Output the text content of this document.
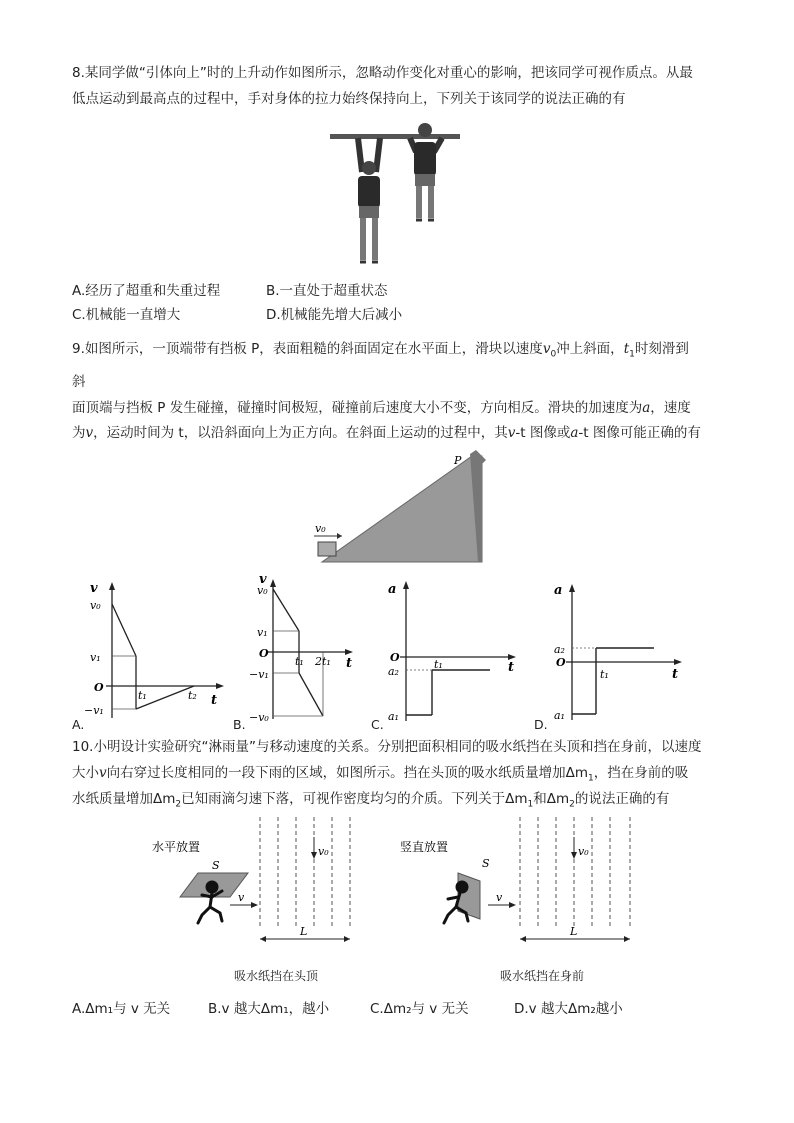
8.某同学做“引体向上”时的上升动作如图所示，忽略动作变化对重心的影响，把该同学可视作质点。从最
低点运动到最高点的过程中，手对身体的拉力始终保持向上，下列关于该同学的说法正确的有
A.经历了超重和失重过程	B.一直处于超重状态
C.机械能一直增大	D.机械能先增大后减小
9.如图所示，一顶端带有挡板 P，表面粗糙的斜面固定在水平面上，滑块以速度$v_0$冲上斜面，$t_1$时刻滑到
斜
面顶端与挡板 P 发生碰撞，碰撞时间极短，碰撞前后速度大小不变，方向相反。滑块的加速度为a，速度
为v，运动时间为 t，以沿斜面向上为正方向。在斜面上运动的过程中，其v-t 图像或a-t 图像可能正确的有
v₀
P
v
t
v₀
v₁
O
−v₁
t₁	t₂
v
t
v₀
v₁
O
−v₁
−v₀
t₁ 2t₁
a
t
O
a₂
a₁
t₁
a
t
a₂
O
a₁
t₁
A.	B.	C.	D.
10.小明设计实验研究“淋雨量”与移动速度的关系。分别把面积相同的吸水纸挡在头顶和挡在身前，以速度
大小v向右穿过长度相同的一段下雨的区域，如图所示。挡在头顶的吸水纸质量增加$\Delta m_1$，挡在身前的吸
水纸质量增加$\Delta m_2$已知雨滴匀速下落，可视作密度均匀的介质。下列关于$\Delta m_1$和$\Delta m_2$的说法正确的有
v₀
水平放置
S
v
L
吸水纸挡在头顶
v₀
竖直放置
S
v
L
吸水纸挡在身前
A.Δm₁与 v 无关	B.v 越大Δm₁，越小	C.Δm₂与 v 无关	D.v 越大Δm₂越小
